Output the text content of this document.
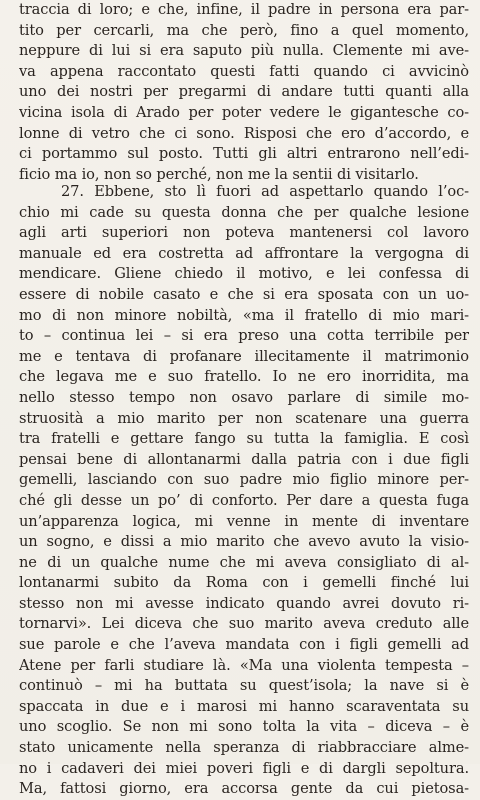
traccia di loro; e che, infine, il padre in persona era par-
tito per cercarli, ma che però, fino a quel momento,
neppure di lui si era saputo più nulla. Clemente mi ave-
va appena raccontato questi fatti quando ci avvicinò
uno dei nostri per pregarmi di andare tutti quanti alla
vicina isola di Arado per poter vedere le gigantesche co-
lonne di vetro che ci sono. Risposi che ero d’accordo, e
ci portammo sul posto. Tutti gli altri entrarono nell’edi-
ficio ma io, non so perché, non me la sentii di visitarlo.
27. Ebbene, sto lì fuori ad aspettarlo quando l’oc-
chio mi cade su questa donna che per qualche lesione
agli arti superiori non poteva mantenersi col lavoro
manuale ed era costretta ad affrontare la vergogna di
mendicare. Gliene chiedo il motivo, e lei confessa di
essere di nobile casato e che si era sposata con un uo-
mo di non minore nobiltà, «ma il fratello di mio mari-
to – continua lei – si era preso una cotta terribile per
me e tentava di profanare illecitamente il matrimonio
che legava me e suo fratello. Io ne ero inorridita, ma
nello stesso tempo non osavo parlare di simile mo-
struosità a mio marito per non scatenare una guerra
tra fratelli e gettare fango su tutta la famiglia. E così
pensai bene di allontanarmi dalla patria con i due figli
gemelli, lasciando con suo padre mio figlio minore per-
ché gli desse un po’ di conforto. Per dare a questa fuga
un’apparenza logica, mi venne in mente di inventare
un sogno, e dissi a mio marito che avevo avuto la visio-
ne di un qualche nume che mi aveva consigliato di al-
lontanarmi subito da Roma con i gemelli finché lui
stesso non mi avesse indicato quando avrei dovuto ri-
tornarvi». Lei diceva che suo marito aveva creduto alle
sue parole e che l’aveva mandata con i figli gemelli ad
Atene per farli studiare là. «Ma una violenta tempesta –
continuò – mi ha buttata su quest’isola; la nave si è
spaccata in due e i marosi mi hanno scaraventata su
uno scoglio. Se non mi sono tolta la vita – diceva – è
stato unicamente nella speranza di riabbracciare alme-
no i cadaveri dei miei poveri figli e di dargli sepoltura.
Ma, fattosi giorno, era accorsa gente da cui pietosa-
